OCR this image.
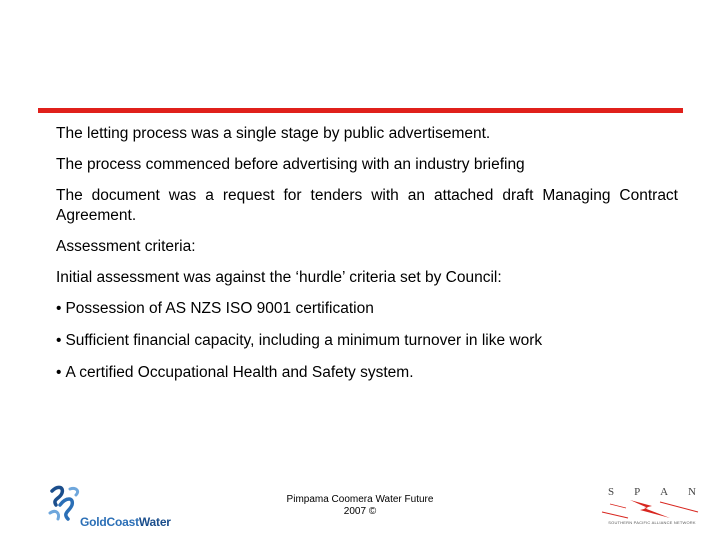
The letting process was a single stage by public advertisement.

The process commenced before advertising with an industry briefing

The document was a request for tenders with an attached draft Managing Contract Agreement.

Assessment criteria:

Initial assessment was against the ‘hurdle’ criteria set by Council:

• Possession of AS NZS ISO 9001 certification

• Sufficient financial capacity, including a minimum turnover in like work

• A certified Occupational Health and Safety system.

GoldCoastWater
Pimpama Coomera Water Future
2007 ©
S P A N
SOUTHERN PACIFIC ALLIANCE NETWORK
